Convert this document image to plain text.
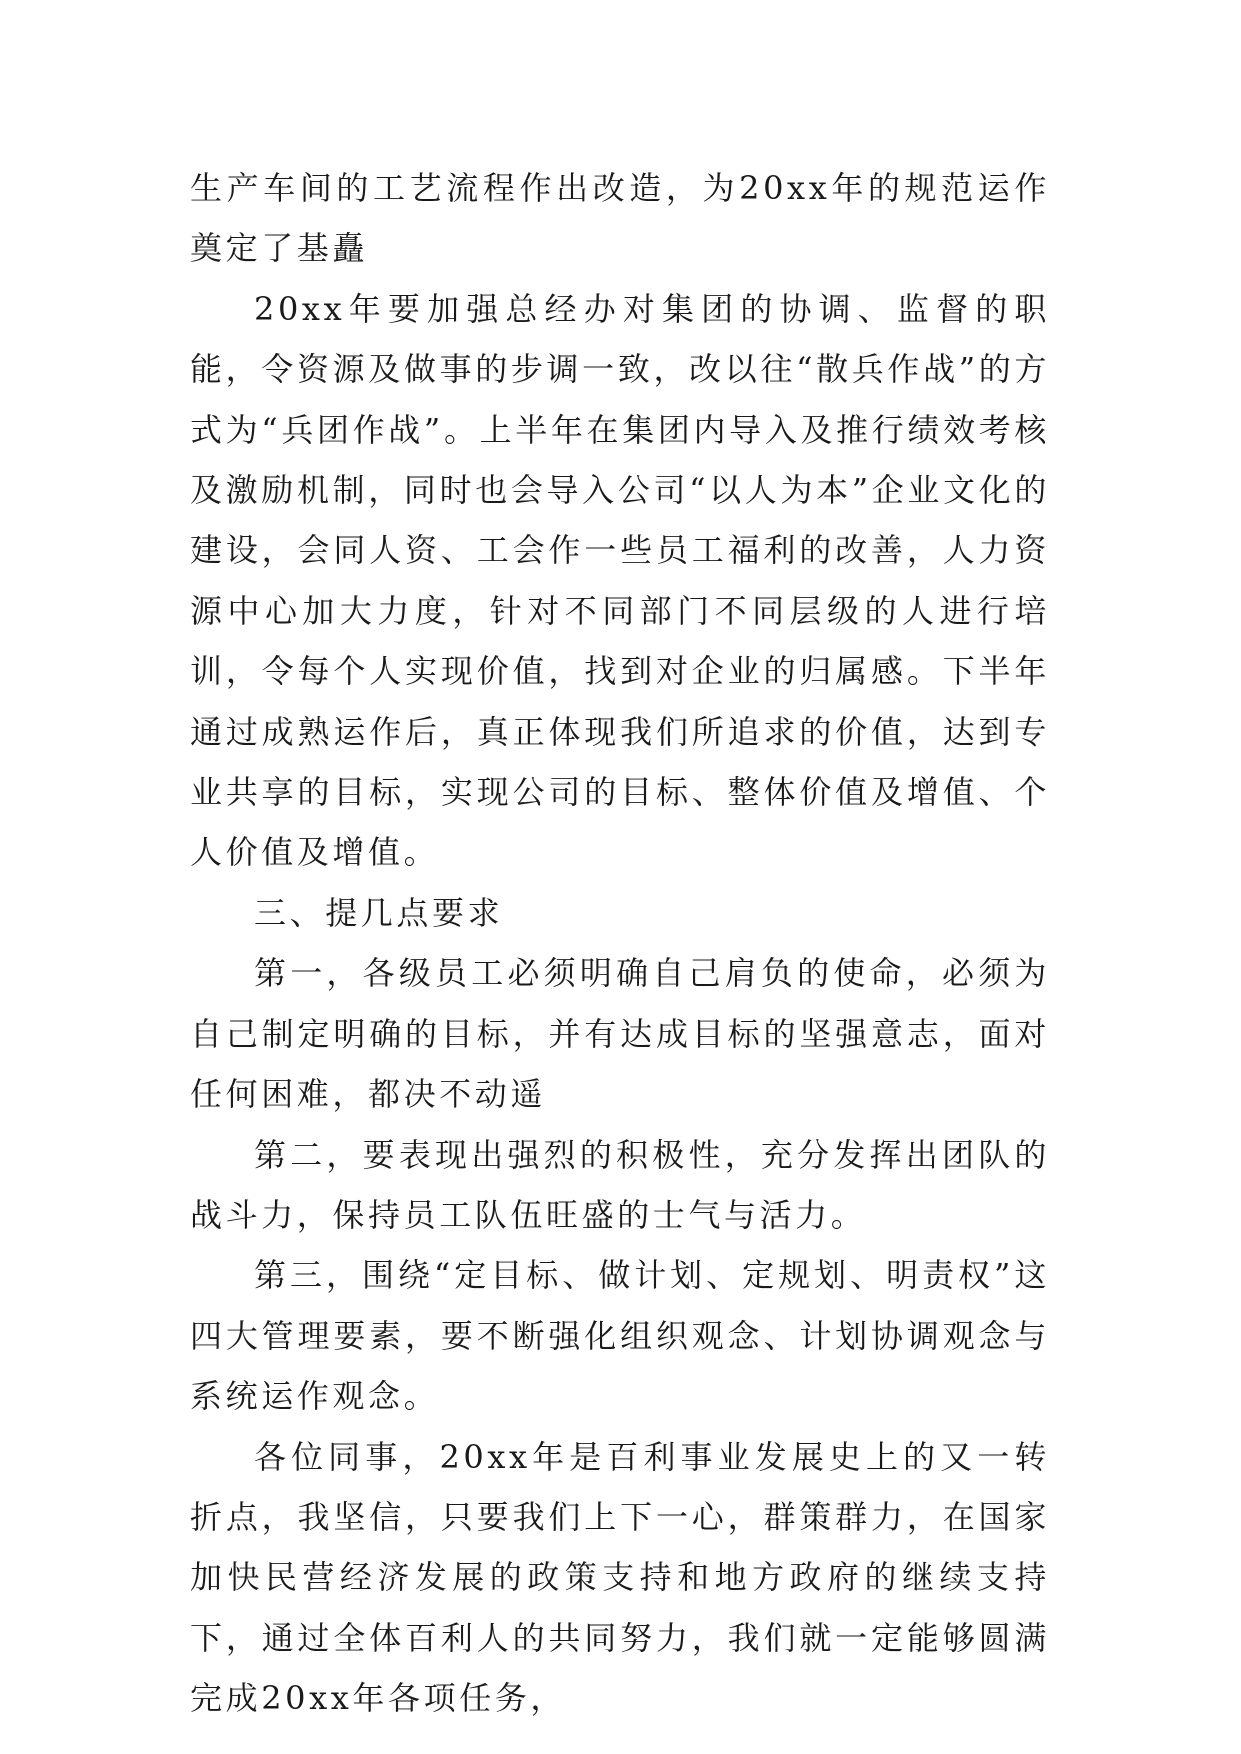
生产车间的工艺流程作出改造，为20xx年的规范运作奠定了基矗

20xx年要加强总经办对集团的协调、监督的职能，令资源及做事的步调一致，改以往“散兵作战”的方式为“兵团作战”。上半年在集团内导入及推行绩效考核及激励机制，同时也会导入公司“以人为本”企业文化的建设，会同人资、工会作一些员工福利的改善，人力资源中心加大力度，针对不同部门不同层级的人进行培训，令每个人实现价值，找到对企业的归属感。下半年通过成熟运作后，真正体现我们所追求的价值，达到专业共享的目标，实现公司的目标、整体价值及增值、个人价值及增值。

三、提几点要求

第一，各级员工必须明确自己肩负的使命，必须为自己制定明确的目标，并有达成目标的坚强意志，面对任何困难，都决不动遥

第二，要表现出强烈的积极性，充分发挥出团队的战斗力，保持员工队伍旺盛的士气与活力。

第三，围绕“定目标、做计划、定规划、明责权”这四大管理要素，要不断强化组织观念、计划协调观念与系统运作观念。

各位同事，20xx年是百利事业发展史上的又一转折点，我坚信，只要我们上下一心，群策群力，在国家加快民营经济发展的政策支持和地方政府的继续支持下，通过全体百利人的共同努力，我们就一定能够圆满完成20xx年各项任务，
